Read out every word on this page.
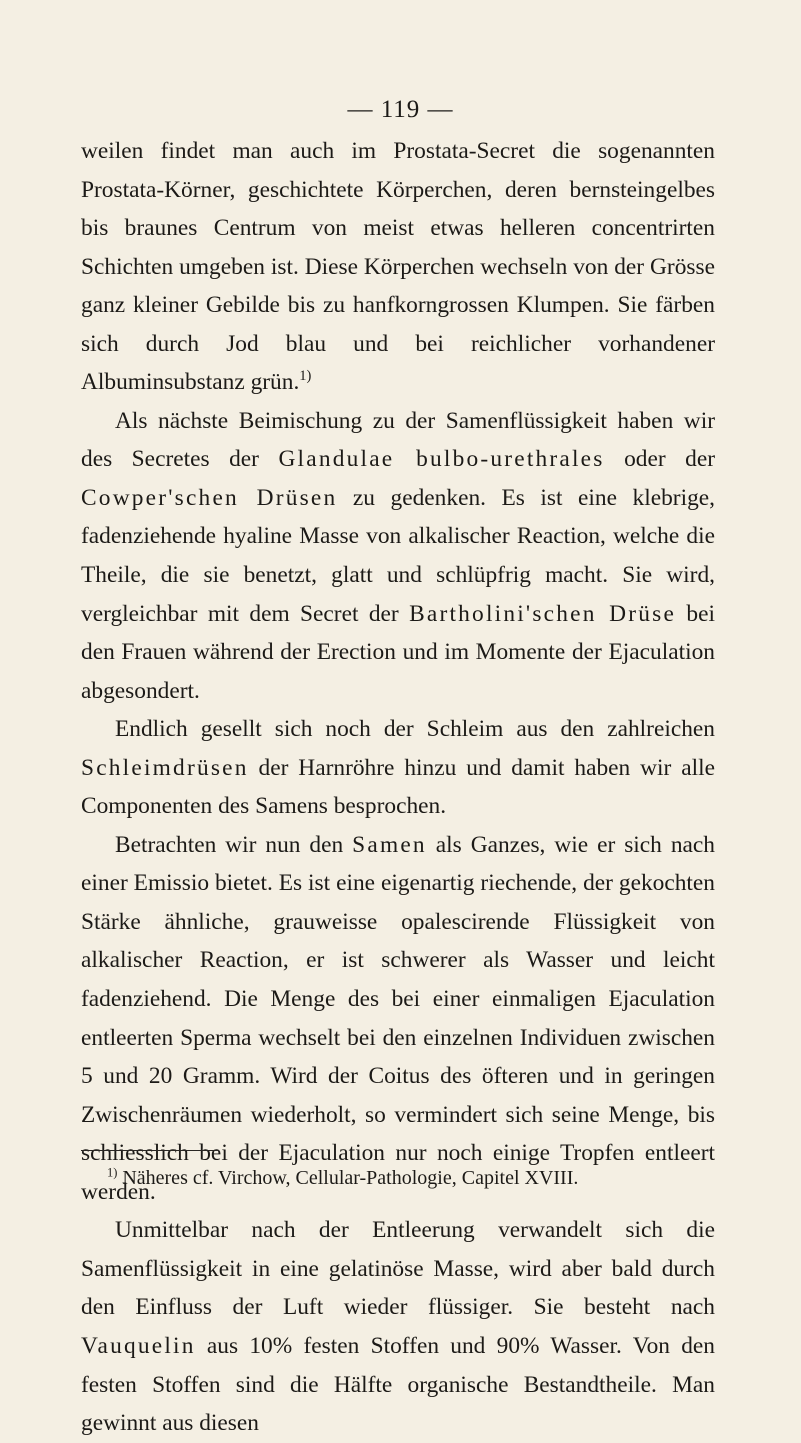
— 119 —

weilen findet man auch im Prostata-Secret die sogenannten Prostata-Körner, geschichtete Körperchen, deren bernsteingelbes bis braunes Centrum von meist etwas helleren concentrirten Schichten umgeben ist. Diese Körperchen wechseln von der Grösse ganz kleiner Gebilde bis zu hanfkorngrossen Klumpen. Sie färben sich durch Jod blau und bei reichlicher vorhandener Albuminsubstanz grün.$^{1)}$

Als nächste Beimischung zu der Samenflüssigkeit haben wir des Secretes der Glandulae bulbo-urethrales oder der Cowper'schen Drüsen zu gedenken. Es ist eine klebrige, fadenziehende hyaline Masse von alkalischer Reaction, welche die Theile, die sie benetzt, glatt und schlüpfrig macht. Sie wird, vergleichbar mit dem Secret der Bartholini'schen Drüse bei den Frauen während der Erection und im Momente der Ejaculation abgesondert.

Endlich gesellt sich noch der Schleim aus den zahlreichen Schleimdrüsen der Harnröhre hinzu und damit haben wir alle Componenten des Samens besprochen.

Betrachten wir nun den Samen als Ganzes, wie er sich nach einer Emissio bietet. Es ist eine eigenartig riechende, der gekochten Stärke ähnliche, grauweisse opalescirende Flüssigkeit von alkalischer Reaction, er ist schwerer als Wasser und leicht fadenziehend. Die Menge des bei einer einmaligen Ejaculation entleerten Sperma wechselt bei den einzelnen Individuen zwischen 5 und 20 Gramm. Wird der Coitus des öfteren und in geringen Zwischenräumen wiederholt, so vermindert sich seine Menge, bis schliesslich bei der Ejaculation nur noch einige Tropfen entleert werden.

Unmittelbar nach der Entleerung verwandelt sich die Samenflüssigkeit in eine gelatinöse Masse, wird aber bald durch den Einfluss der Luft wieder flüssiger. Sie besteht nach Vauquelin aus 10% festen Stoffen und 90% Wasser. Von den festen Stoffen sind die Hälfte organische Bestandtheile. Man gewinnt aus diesen

$^{1)}$ Näheres cf. Virchow, Cellular-Pathologie, Capitel XVIII.
